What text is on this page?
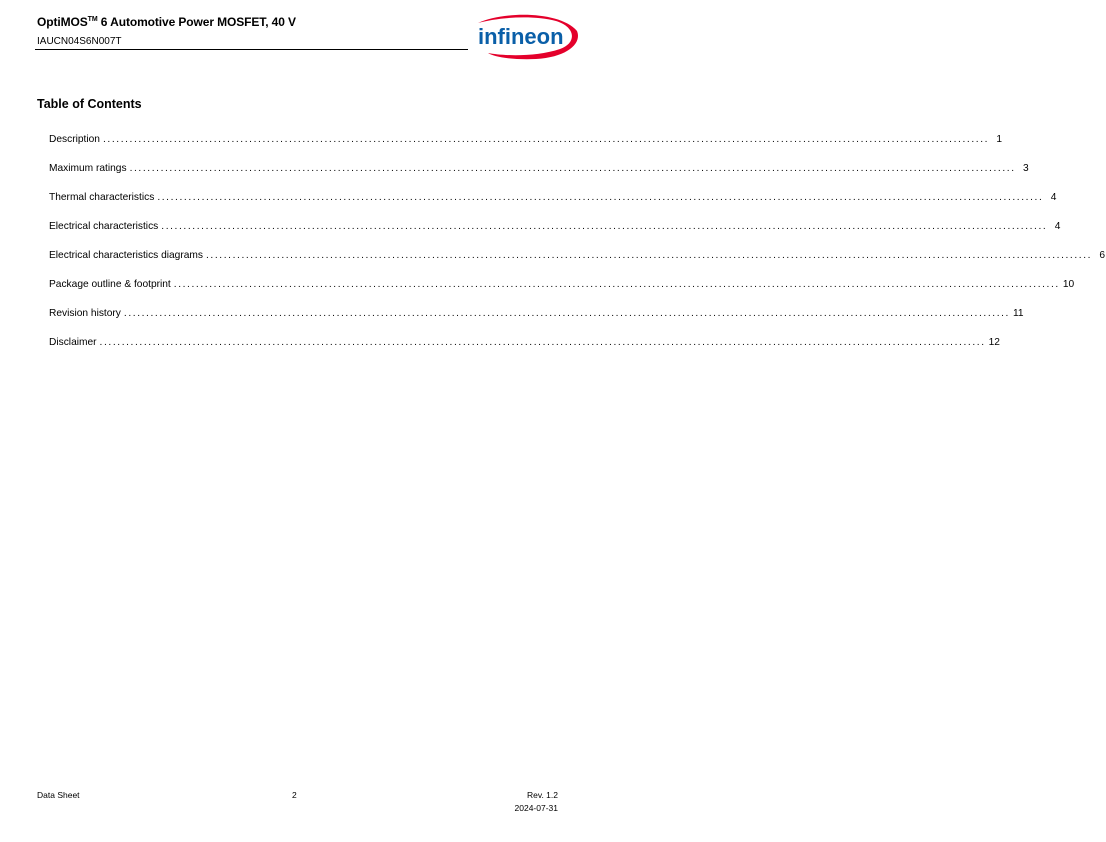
OptiMOS™ 6 Automotive Power MOSFET, 40 V
IAUCN04S6N007T	infineon
Table of Contents
Description ........................................................................................................................................................................................................ 1
Maximum ratings ........................................................................................................................................................................................................ 3
Thermal characteristics ........................................................................................................................................................................................................ 4
Electrical characteristics ........................................................................................................................................................................................................ 4
Electrical characteristics diagrams ........................................................................................................................................................................................................ 6
Package outline & footprint ........................................................................................................................................................................................................ 10
Revision history ........................................................................................................................................................................................................ 11
Disclaimer ........................................................................................................................................................................................................ 12
Data Sheet	2	Rev. 1.2
2024-07-31
